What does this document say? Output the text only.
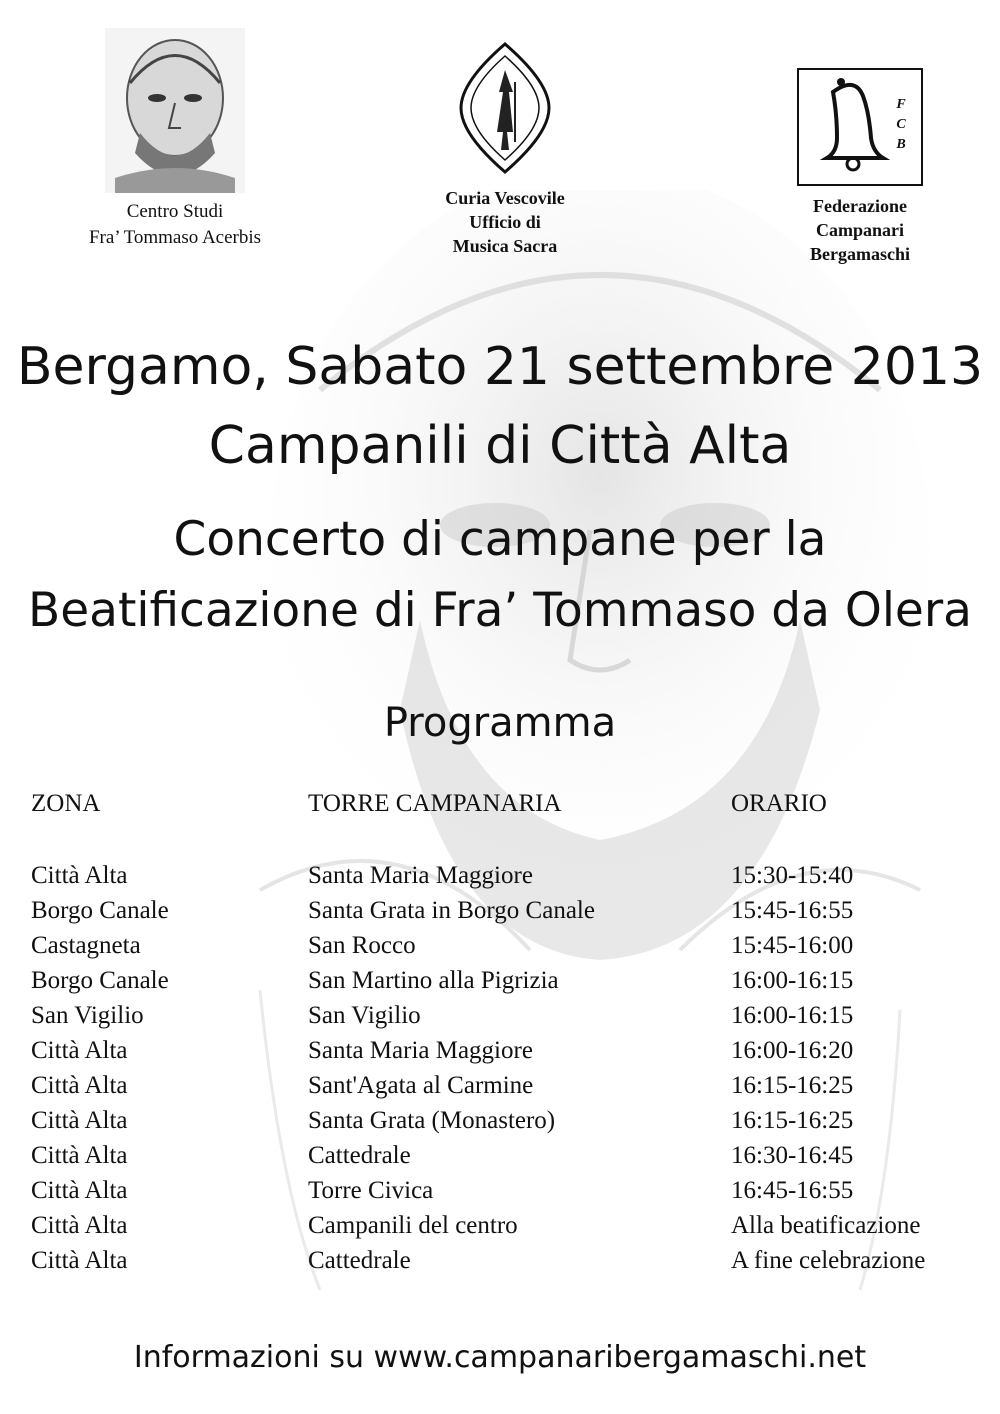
Centro Studi
Fra’ Tommaso Acerbis
Curia Vescovile
Ufficio di
Musica Sacra
F
C
B
Federazione
Campanari
Bergamaschi
Bergamo, Sabato 21 settembre 2013
Campanili di Città Alta
Concerto di campane per la
Beatificazione di Fra’ Tommaso da Olera
Programma
ZONA	TORRE CAMPANARIA	ORARIO
Città Alta	Santa Maria Maggiore	15:30-15:40
Borgo Canale	Santa Grata in Borgo Canale	15:45-16:55
Castagneta	San Rocco	15:45-16:00
Borgo Canale	San Martino alla Pigrizia	16:00-16:15
San Vigilio	San Vigilio	16:00-16:15
Città Alta	Santa Maria Maggiore	16:00-16:20
Città Alta	Sant'Agata al Carmine	16:15-16:25
Città Alta	Santa Grata (Monastero)	16:15-16:25
Città Alta	Cattedrale	16:30-16:45
Città Alta	Torre Civica	16:45-16:55
Città Alta	Campanili del centro	Alla beatificazione
Città Alta	Cattedrale	A fine celebrazione
Informazioni su www.campanaribergamaschi.net
